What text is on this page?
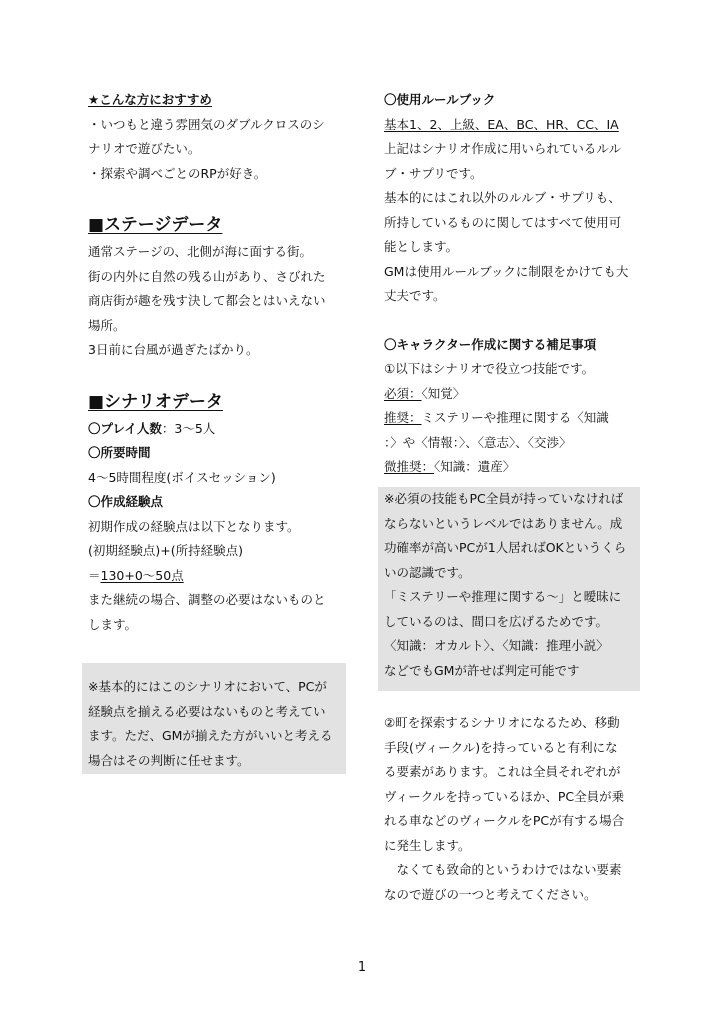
★こんな方におすすめ
・いつもと違う雰囲気のダブルクロスのシ
ナリオで遊びたい。
・探索や調べごとのRPが好き。
■ステージデータ
通常ステージの、北側が海に面する街。
街の内外に自然の残る山があり、さびれた
商店街が趣を残す決して都会とはいえない
場所。
3日前に台風が過ぎたばかり。
■シナリオデータ
〇プレイ人数：3～5人
〇所要時間
4～5時間程度(ボイスセッション)
〇作成経験点
初期作成の経験点は以下となります。
(初期経験点)+(所持経験点)
＝130+0～50点
また継続の場合、調整の必要はないものと
します。
※基本的にはこのシナリオにおいて、PCが
経験点を揃える必要はないものと考えてい
ます。ただ、GMが揃えた方がいいと考える
場合はその判断に任せます。
〇使用ルールブック
基本1、2、上級、EA、BC、HR、CC、IA
上記はシナリオ作成に用いられているルル
ブ・サプリです。
基本的にはこれ以外のルルブ・サプリも、
所持しているものに関してはすべて使用可
能とします。
GMは使用ルールブックに制限をかけても大
丈夫です。
〇キャラクター作成に関する補足事項
①以下はシナリオで役立つ技能です。
必須：〈知覚〉
推奨：ミステリーや推理に関する〈知識
：〉や〈情報：〉、〈意志〉、〈交渉〉
微推奨：〈知識：遺産〉
※必須の技能もPC全員が持っていなければ
ならないというレベルではありません。成
功確率が高いPCが1人居ればOKというくら
いの認識です。
「ミステリーや推理に関する～」と曖昧に
しているのは、間口を広げるためです。
〈知識：オカルト〉、〈知識：推理小説〉
などでもGMが許せば判定可能です
②町を探索するシナリオになるため、移動
手段(ヴィークル)を持っていると有利にな
る要素があります。これは全員それぞれが
ヴィークルを持っているほか、PC全員が乗
れる車などのヴィークルをPCが有する場合
に発生します。
　なくても致命的というわけではない要素
なので遊びの一つと考えてください。
1
